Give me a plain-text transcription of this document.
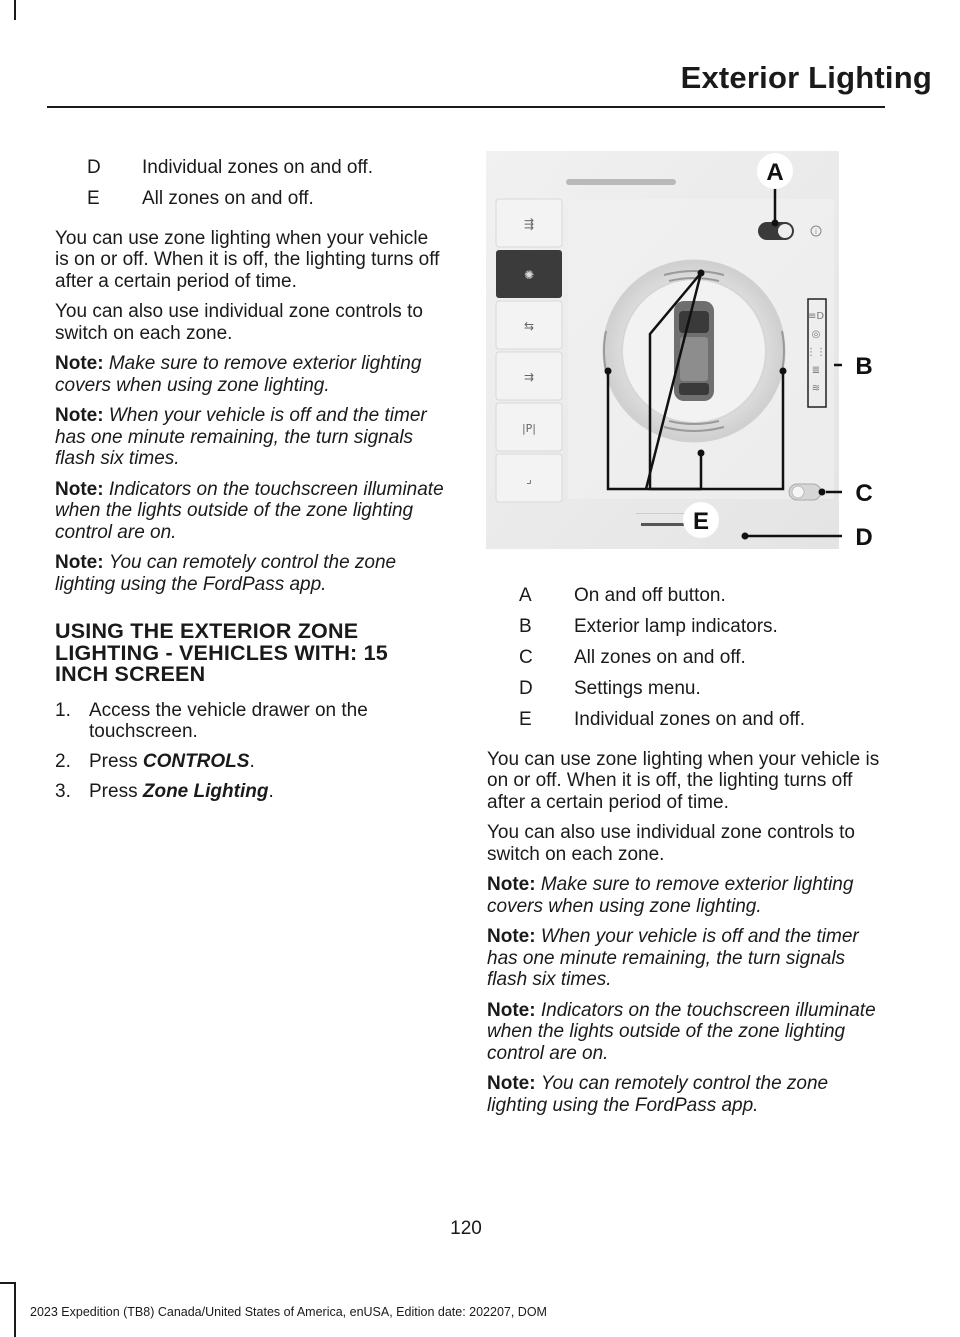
Exterior Lighting
D	Individual zones on and off.
E	All zones on and off.

You can use zone lighting when your vehicle is on or off. When it is off, the lighting turns off after a certain period of time.

You can also use individual zone controls to switch on each zone.

Note: Make sure to remove exterior lighting covers when using zone lighting.

Note: When your vehicle is off and the timer has one minute remaining, the turn signals flash six times.

Note: Indicators on the touchscreen illuminate when the lights outside of the zone lighting control are on.

Note: You can remotely control the zone lighting using the FordPass app.

USING THE EXTERIOR ZONE LIGHTING - VEHICLES WITH: 15 INCH SCREEN
1. Access the vehicle drawer on the touchscreen.
2. Press CONTROLS.
3. Press Zone Lighting.
⇶
✺
⇆
⇉
|P|
⌟
i
≡D
◎
⋮⋮
≣
≋
A
B
C
D
E
A	On and off button.
B	Exterior lamp indicators.
C	All zones on and off.
D	Settings menu.
E	Individual zones on and off.

You can use zone lighting when your vehicle is on or off. When it is off, the lighting turns off after a certain period of time.

You can also use individual zone controls to switch on each zone.

Note: Make sure to remove exterior lighting covers when using zone lighting.

Note: When your vehicle is off and the timer has one minute remaining, the turn signals flash six times.

Note: Indicators on the touchscreen illuminate when the lights outside of the zone lighting control are on.

Note: You can remotely control the zone lighting using the FordPass app.

120
2023 Expedition (TB8) Canada/United States of America, enUSA, Edition date: 202207, DOM
